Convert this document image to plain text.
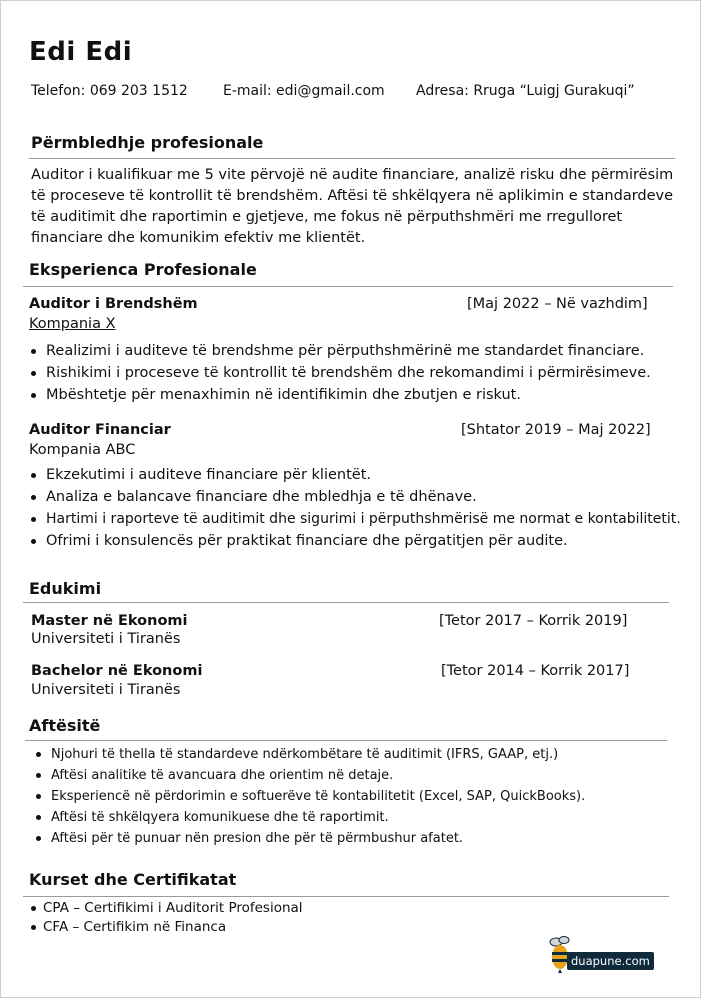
Edi Edi
Telefon: 069 203 1512	E-mail: edi@gmail.com Adresa: Rruga “Luigj Gurakuqi”
Përmbledhje profesionale
Auditor i kualifikuar me 5 vite përvojë në audite financiare, analizë risku dhe përmirësim të proceseve të kontrollit të brendshëm. Aftësi të shkëlqyera në aplikimin e standardeve të auditimit dhe raportimin e gjetjeve, me fokus në përputhshmëri me rregulloret financiare dhe komunikim efektiv me klientët.
Eksperienca Profesionale
Auditor i Brendshëm	[Maj 2022 – Në vazhdim]
Kompania X
Realizimi i auditeve të brendshme për përputhshmërinë me standardet financiare.
Rishikimi i proceseve të kontrollit të brendshëm dhe rekomandimi i përmirësimeve.
Mbështetje për menaxhimin në identifikimin dhe zbutjen e riskut.
Auditor Financiar	[Shtator 2019 – Maj 2022]
Kompania ABC
Ekzekutimi i auditeve financiare për klientët.
Analiza e balancave financiare dhe mbledhja e të dhënave.
Hartimi i raporteve të auditimit dhe sigurimi i përputhshmërisë me normat e kontabilitetit.
Ofrimi i konsulencës për praktikat financiare dhe përgatitjen për audite.
Edukimi
Master në Ekonomi	[Tetor 2017 – Korrik 2019]
Universiteti i Tiranës
Bachelor në Ekonomi	[Tetor 2014 – Korrik 2017]
Universiteti i Tiranës
Aftësitë
Njohuri të thella të standardeve ndërkombëtare të auditimit (IFRS, GAAP, etj.)
Aftësi analitike të avancuara dhe orientim në detaje.
Eksperiencë në përdorimin e softuerëve të kontabilitetit (Excel, SAP, QuickBooks).
Aftësi të shkëlqyera komunikuese dhe të raportimit.
Aftësi për të punuar nën presion dhe për të përmbushur afatet.
Kurset dhe Certifikatat
CPA – Certifikimi i Auditorit Profesional
CFA – Certifikim në Financa
duapune.com
